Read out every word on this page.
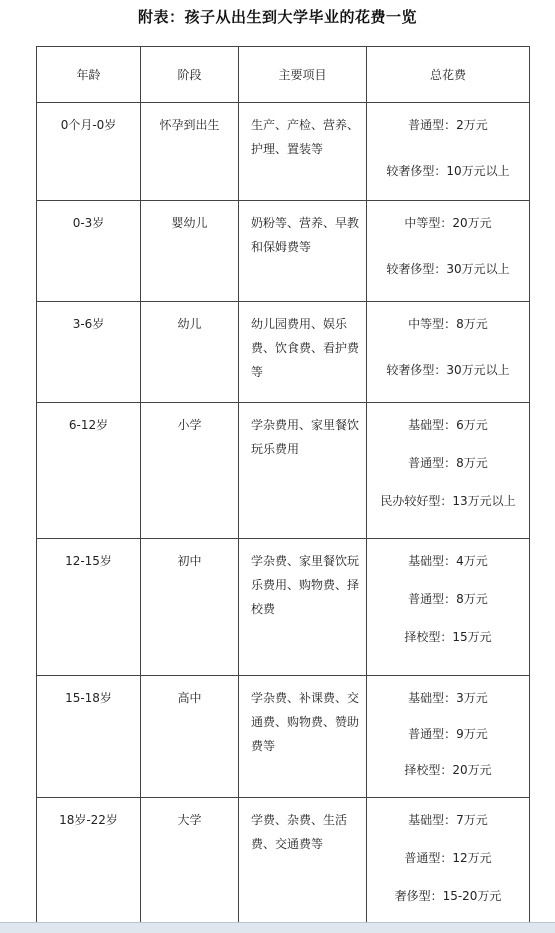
附表：孩子从出生到大学毕业的花费一览
年龄	阶段	主要项目	总花费
0个月-0岁	怀孕到出生	生产、产检、营养、护理、置装等	普通型：2万元
较奢侈型：10万元以上

0-3岁	婴幼儿	奶粉等、营养、早教和保姆费等	中等型：20万元
较奢侈型：30万元以上

3-6岁	幼儿	幼儿园费用、娱乐费、饮食费、看护费等	中等型：8万元
较奢侈型：30万元以上

6-12岁	小学	学杂费用、家里餐饮玩乐费用	基础型：6万元
普通型：8万元
民办较好型：13万元以上

12-15岁	初中	学杂费、家里餐饮玩乐费用、购物费、择校费	基础型：4万元
普通型：8万元
择校型：15万元

15-18岁	高中	学杂费、补课费、交通费、购物费、赞助费等	基础型：3万元
普通型：9万元
择校型：20万元

18岁-22岁	大学	学费、杂费、生活费、交通费等	基础型：7万元
普通型：12万元
奢侈型：15-20万元
